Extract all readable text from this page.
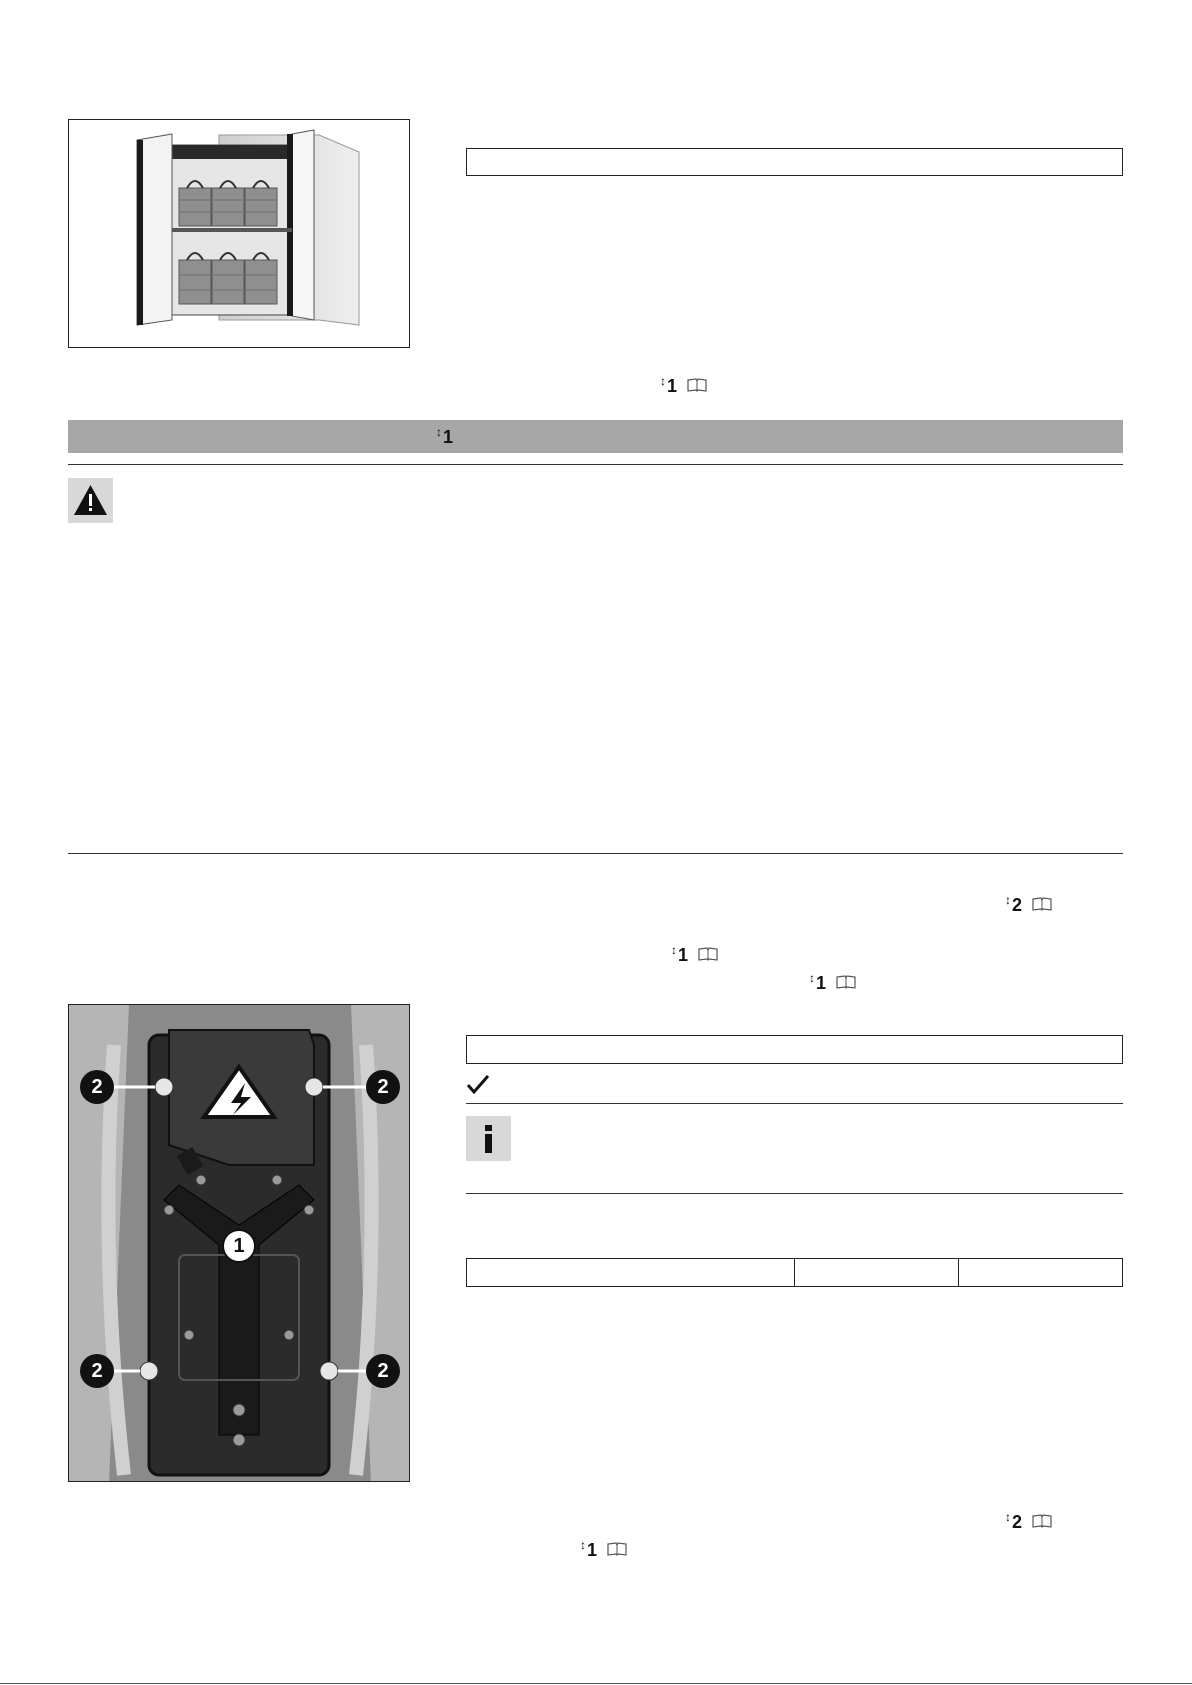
↕ 1
↕ 1
↕ 2
↕ 1
↕ 1
2	2
2	2
1
↕ 2
↕ 1
